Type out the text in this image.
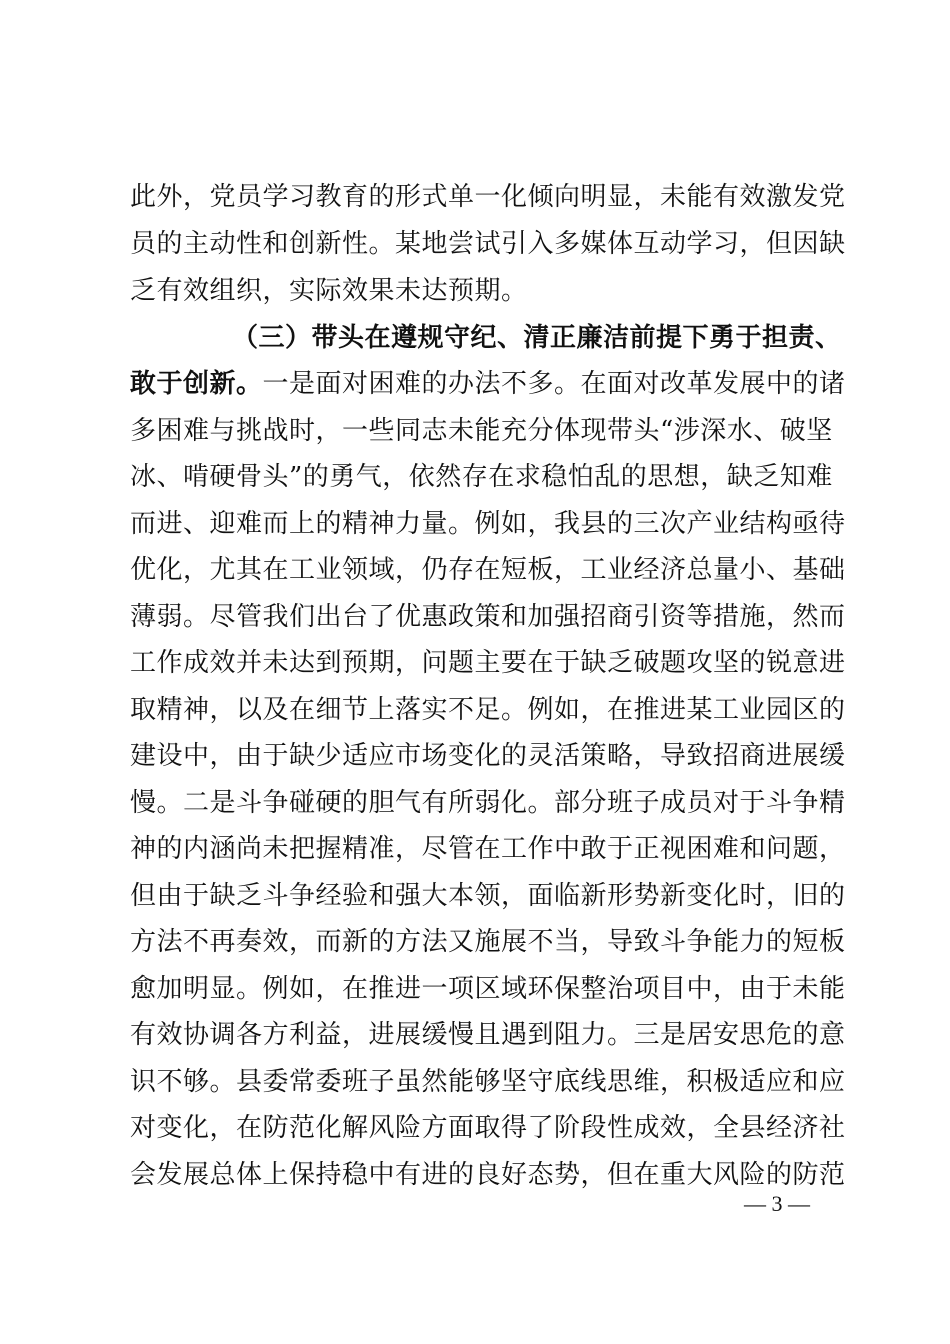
此外，党员学习教育的形式单一化倾向明显，未能有效激发党
员的主动性和创新性。某地尝试引入多媒体互动学习，但因缺
乏有效组织，实际效果未达预期。
（三）带头在遵规守纪、清正廉洁前提下勇于担责、
敢于创新。一是面对困难的办法不多。在面对改革发展中的诸
多困难与挑战时，一些同志未能充分体现带头“涉深水、破坚
冰、啃硬骨头”的勇气，依然存在求稳怕乱的思想，缺乏知难
而进、迎难而上的精神力量。例如，我县的三次产业结构亟待
优化，尤其在工业领域，仍存在短板，工业经济总量小、基础
薄弱。尽管我们出台了优惠政策和加强招商引资等措施，然而
工作成效并未达到预期，问题主要在于缺乏破题攻坚的锐意进
取精神，以及在细节上落实不足。例如，在推进某工业园区的
建设中，由于缺少适应市场变化的灵活策略，导致招商进展缓
慢。二是斗争碰硬的胆气有所弱化。部分班子成员对于斗争精
神的内涵尚未把握精准，尽管在工作中敢于正视困难和问题，
但由于缺乏斗争经验和强大本领，面临新形势新变化时，旧的
方法不再奏效，而新的方法又施展不当，导致斗争能力的短板
愈加明显。例如，在推进一项区域环保整治项目中，由于未能
有效协调各方利益，进展缓慢且遇到阻力。三是居安思危的意
识不够。县委常委班子虽然能够坚守底线思维，积极适应和应
对变化，在防范化解风险方面取得了阶段性成效，全县经济社
会发展总体上保持稳中有进的良好态势，但在重大风险的防范
— 3 —
